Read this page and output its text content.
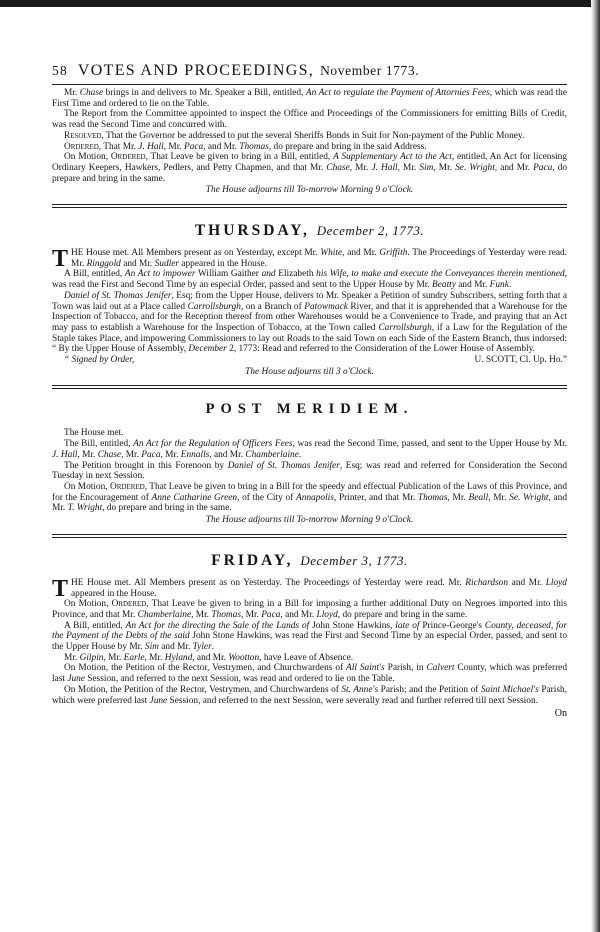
58 VOTES AND PROCEEDINGS, November 1773.

Mr. Chase brings in and delivers to Mr. Speaker a Bill, entitled, An Act to regulate the Payment of Attornies Fees, which was read the First Time and ordered to lie on the Table.

The Report from the Committee appointed to inspect the Office and Proceedings of the Commissioners for emitting Bills of Credit, was read the Second Time and concurred with.

Resolved, That the Governor be addressed to put the several Sheriffs Bonds in Suit for Non-payment of the Public Money.

Ordered, That Mr. J. Hall, Mr. Paca, and Mr. Thomas, do prepare and bring in the said Address.

On Motion, Ordered, That Leave be given to bring in a Bill, entitled, A Supplementary Act to the Act, entitled, An Act for licensing Ordinary Keepers, Hawkers, Pedlers, and Petty Chapmen, and that Mr. Chase, Mr. J. Hall, Mr. Sim, Mr. Se. Wright, and Mr. Paca, do prepare and bring in the same.

The House adjourns till To-morrow Morning 9 o'Clock.

THURSDAY, December 2, 1773.

THE House met. All Members present as on Yesterday, except Mr. White, and Mr. Griffith. The Proceedings of Yesterday were read. Mr. Ringgold and Mr. Sudler appeared in the House.

A Bill, entitled, An Act to impower William Gaither and Elizabeth his Wife, to make and execute the Conveyances therein mentioned, was read the First and Second Time by an especial Order, passed and sent to the Upper House by Mr. Beatty and Mr. Funk.

Daniel of St. Thomas Jenifer, Esq; from the Upper House, delivers to Mr. Speaker a Petition of sundry Subscribers, setting forth that a Town was laid out at a Place called Carrollsburgh, on a Branch of Patowmack River, and that it is apprehended that a Warehouse for the Inspection of Tobacco, and for the Reception thereof from other Warehouses would be a Convenience to Trade, and praying that an Act may pass to establish a Warehouse for the Inspection of Tobacco, at the Town called Carrollsburgh, if a Law for the Regulation of the Staple takes Place, and impowering Commissioners to lay out Roads to the said Town on each Side of the Eastern Branch, thus indorsed: “ By the Upper House of Assembly, December 2, 1773: Read and referred to the Consideration of the Lower House of Assembly.

“ Signed by Order,	U. SCOTT, Cl. Up. Ho.”

The House adjourns till 3 o'Clock.

POST MERIDIEM.

The House met.

The Bill, entitled, An Act for the Regulation of Officers Fees, was read the Second Time, passed, and sent to the Upper House by Mr. J. Hall, Mr. Chase, Mr. Paca, Mr. Ennalls, and Mr. Chamberlaine.

The Petition brought in this Forenoon by Daniel of St. Thomas Jenifer, Esq; was read and referred for Consideration the Second Tuesday in next Session.

On Motion, Ordered, That Leave be given to bring in a Bill for the speedy and effectual Publication of the Laws of this Province, and for the Encouragement of Anne Catharine Green, of the City of Annapolis, Printer, and that Mr. Thomas, Mr. Beall, Mr. Se. Wright, and Mr. T. Wright, do prepare and bring in the same.

The House adjourns till To-morrow Morning 9 o'Clock.

FRIDAY, December 3, 1773.

THE House met. All Members present as on Yesterday. The Proceedings of Yesterday were read. Mr. Richardson and Mr. Lloyd appeared in the House.

On Motion, Ordered, That Leave be given to bring in a Bill for imposing a further additional Duty on Negroes imported into this Province, and that Mr. Chamberlaine, Mr. Thomas, Mr. Paca, and Mr. Lloyd, do prepare and bring in the same.

A Bill, entitled, An Act for the directing the Sale of the Lands of John Stone Hawkins, late of Prince-George's County, deceased, for the Payment of the Debts of the said John Stone Hawkins, was read the First and Second Time by an especial Order, passed, and sent to the Upper House by Mr. Sim and Mr. Tyler.

Mr. Gilpin, Mr. Earle, Mr. Hyland, and Mr. Wootton, have Leave of Absence.

On Motion, the Petition of the Rector, Vestrymen, and Churchwardens of All Saint's Parish, in Calvert County, which was preferred last June Session, and referred to the next Session, was read and ordered to lie on the Table.

On Motion, the Petition of the Rector, Vestrymen, and Churchwardens of St. Anne's Parish; and the Petition of Saint Michael's Parish, which were preferred last June Session, and referred to the next Session, were severally read and further referred till next Session.

On
